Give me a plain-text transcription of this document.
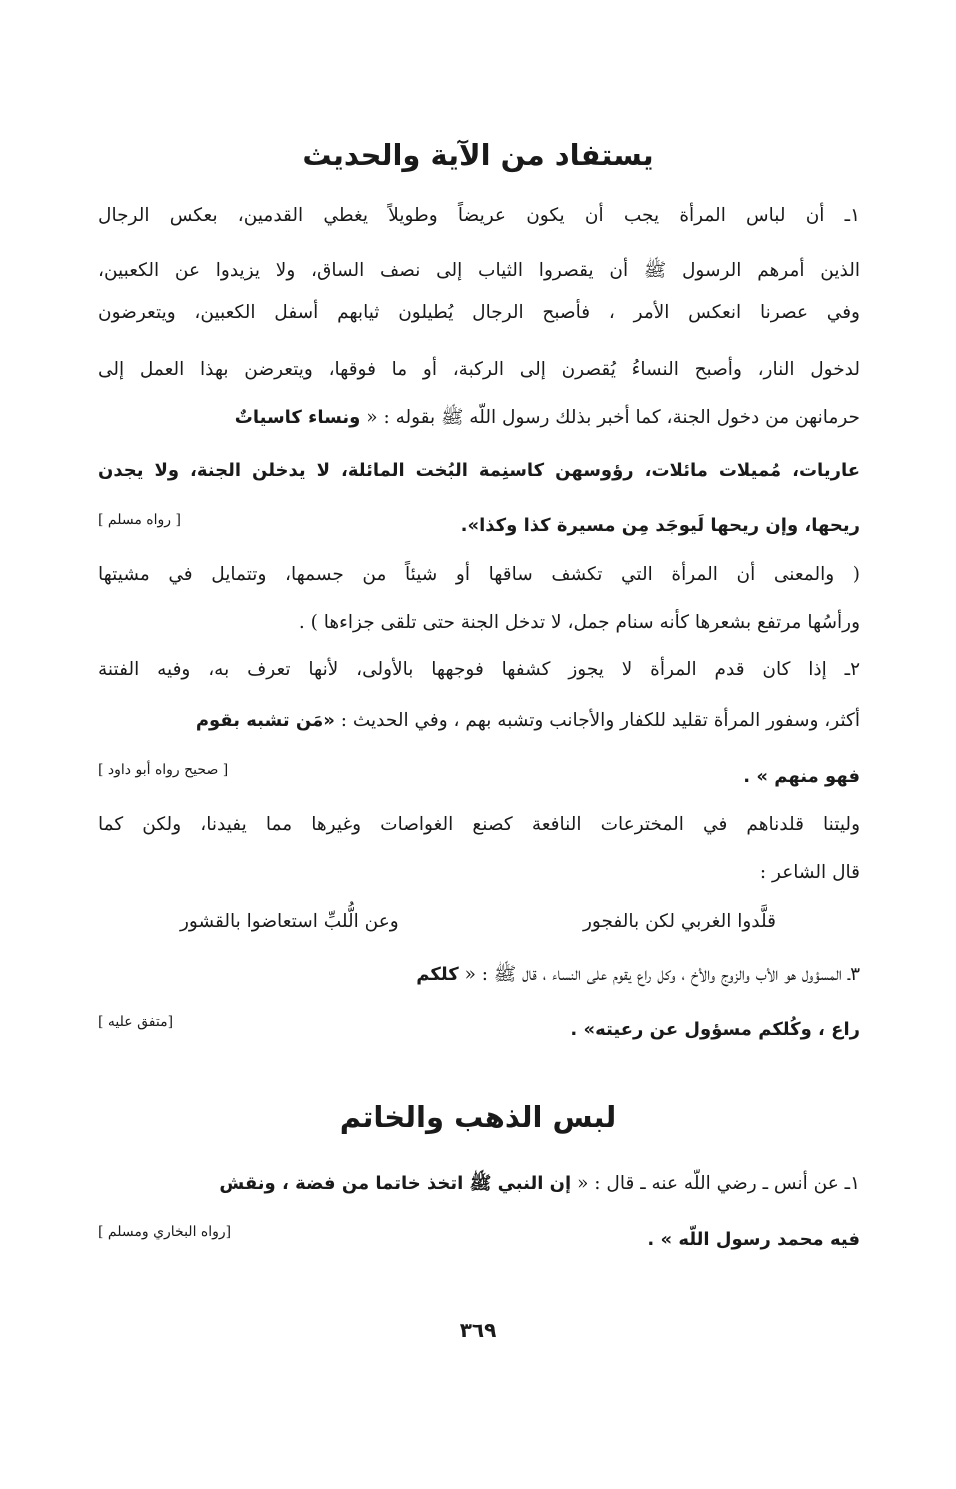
يستفاد من الآية والحديث
١ـ أن لباس المرأة يجب أن يكون عريضاً وطويلاً يغطي القدمين، بعكس الرجال
الذين أمرهم الرسول ﷺ أن يقصروا الثياب إلى نصف الساق، ولا يزيدوا عن الكعبين،
وفي عصرنا انعكس الأمر ، فأصبح الرجال يُطيلون ثيابهم أسفل الكعبين، ويتعرضون
لدخول النار، وأصبح النساءُ يُقصرن إلى الركبة، أو ما فوقها، ويتعرضن بهذا العمل إلى
حرمانهن من دخول الجنة، كما أخبر بذلك رسول اللّه ﷺ بقوله : « ونساء كاسياتٌ
عاريات، مُميلات مائلات، رؤوسهن كاسنِمة البُخت المائلة، لا يدخلن الجنة، ولا يجدن
ريحها، وإن ريحها لَيوجَد مِن مسيرة كذا وكذا».
[ رواه مسلم ]
( والمعنى أن المرأة التي تكشف ساقها أو شيئاً من جسمها، وتتمايل في مشيتها
ورأسُها مرتفع بشعرها كأنه سنام جمل، لا تدخل الجنة حتى تلقى جزاءها ) .
٢ـ إذا كان قدم المرأة لا يجوز كشفها فوجهها بالأولى، لأنها تعرف به، وفيه الفتنة
أكثر، وسفور المرأة تقليد للكفار والأجانب وتشبه بهم ، وفي الحديث : «مَن تشبه بقوم
فهو منهم » .
[ صحيح رواه أبو داود ]
وليتنا قلدناهم في المخترعات النافعة كصنع الغواصات وغيرها مما يفيدنا، ولكن كما
قال الشاعر :
قلَّدوا الغربي لكن بالفجور
وعن الُّلبِّ استعاضوا بالقشور
٣ـ المسؤول هو الأب والزوج والأخ ، وكل راع يقوم على النساء ، قال ﷺ : « كلكم
راع ، وكُلكم مسؤول عن رعيته» .
[متفق عليه ]
لبس الذهب والخاتم
١ـ عن أنس ـ رضي اللّه عنه ـ قال : « إن النبي ﷺ اتخذ خاتما من فضة ، ونقش
فيه محمد رسول اللّه » .
[رواه البخاري ومسلم ]
٣٦٩
